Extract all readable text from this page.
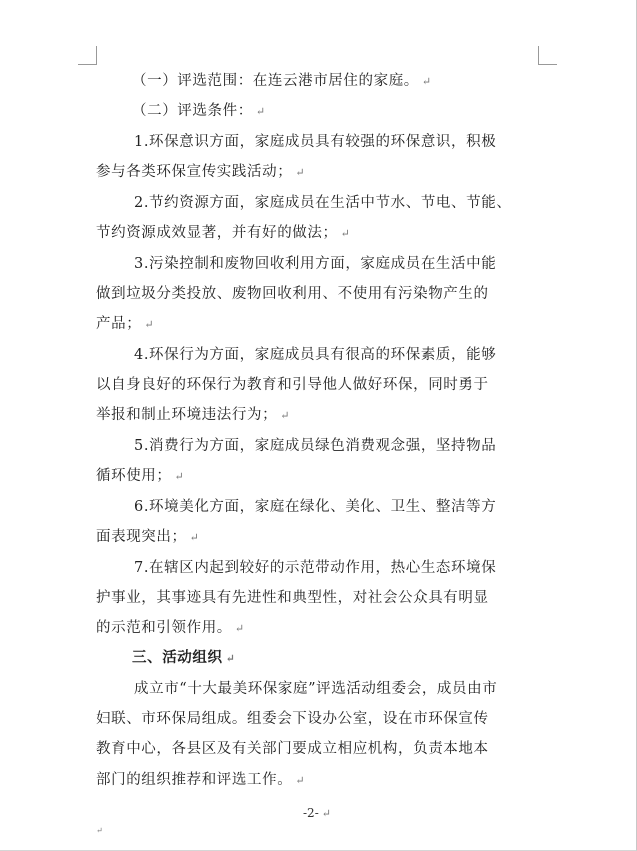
（一）评选范围：在连云港市居住的家庭。 ↵
（二）评选条件： ↵
1.环保意识方面，家庭成员具有较强的环保意识，积极
参与各类环保宣传实践活动； ↵
2.节约资源方面，家庭成员在生活中节水、节电、节能、
节约资源成效显著，并有好的做法； ↵
3.污染控制和废物回收利用方面，家庭成员在生活中能
做到垃圾分类投放、废物回收利用、不使用有污染物产生的
产品； ↵
4.环保行为方面，家庭成员具有很高的环保素质，能够
以自身良好的环保行为教育和引导他人做好环保，同时勇于
举报和制止环境违法行为； ↵
5.消费行为方面，家庭成员绿色消费观念强，坚持物品
循环使用； ↵
6.环境美化方面，家庭在绿化、美化、卫生、整洁等方
面表现突出； ↵
7.在辖区内起到较好的示范带动作用，热心生态环境保
护事业，其事迹具有先进性和典型性，对社会公众具有明显
的示范和引领作用。 ↵
三、活动组织 ↵
成立市“十大最美环保家庭”评选活动组委会，成员由市
妇联、市环保局组成。组委会下设办公室，设在市环保宣传
教育中心，各县区及有关部门要成立相应机构，负责本地本
部门的组织推荐和评选工作。 ↵
-2- ↵
↵
